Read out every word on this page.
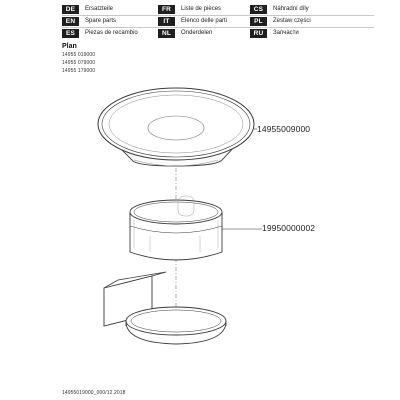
DE	Ersatzteile	FR	Liste de pièces	CS	Náhradní díly
EN	Spare parts	IT	Elenco delle parti	PL	Zestaw części
ES	Piezas de recambio	NL	Onderdelen	RU	Запчасти
Plan
14955 019000
14955 079000
14955 179000
14955009000
19950000002
14955019000_000/12.2018
